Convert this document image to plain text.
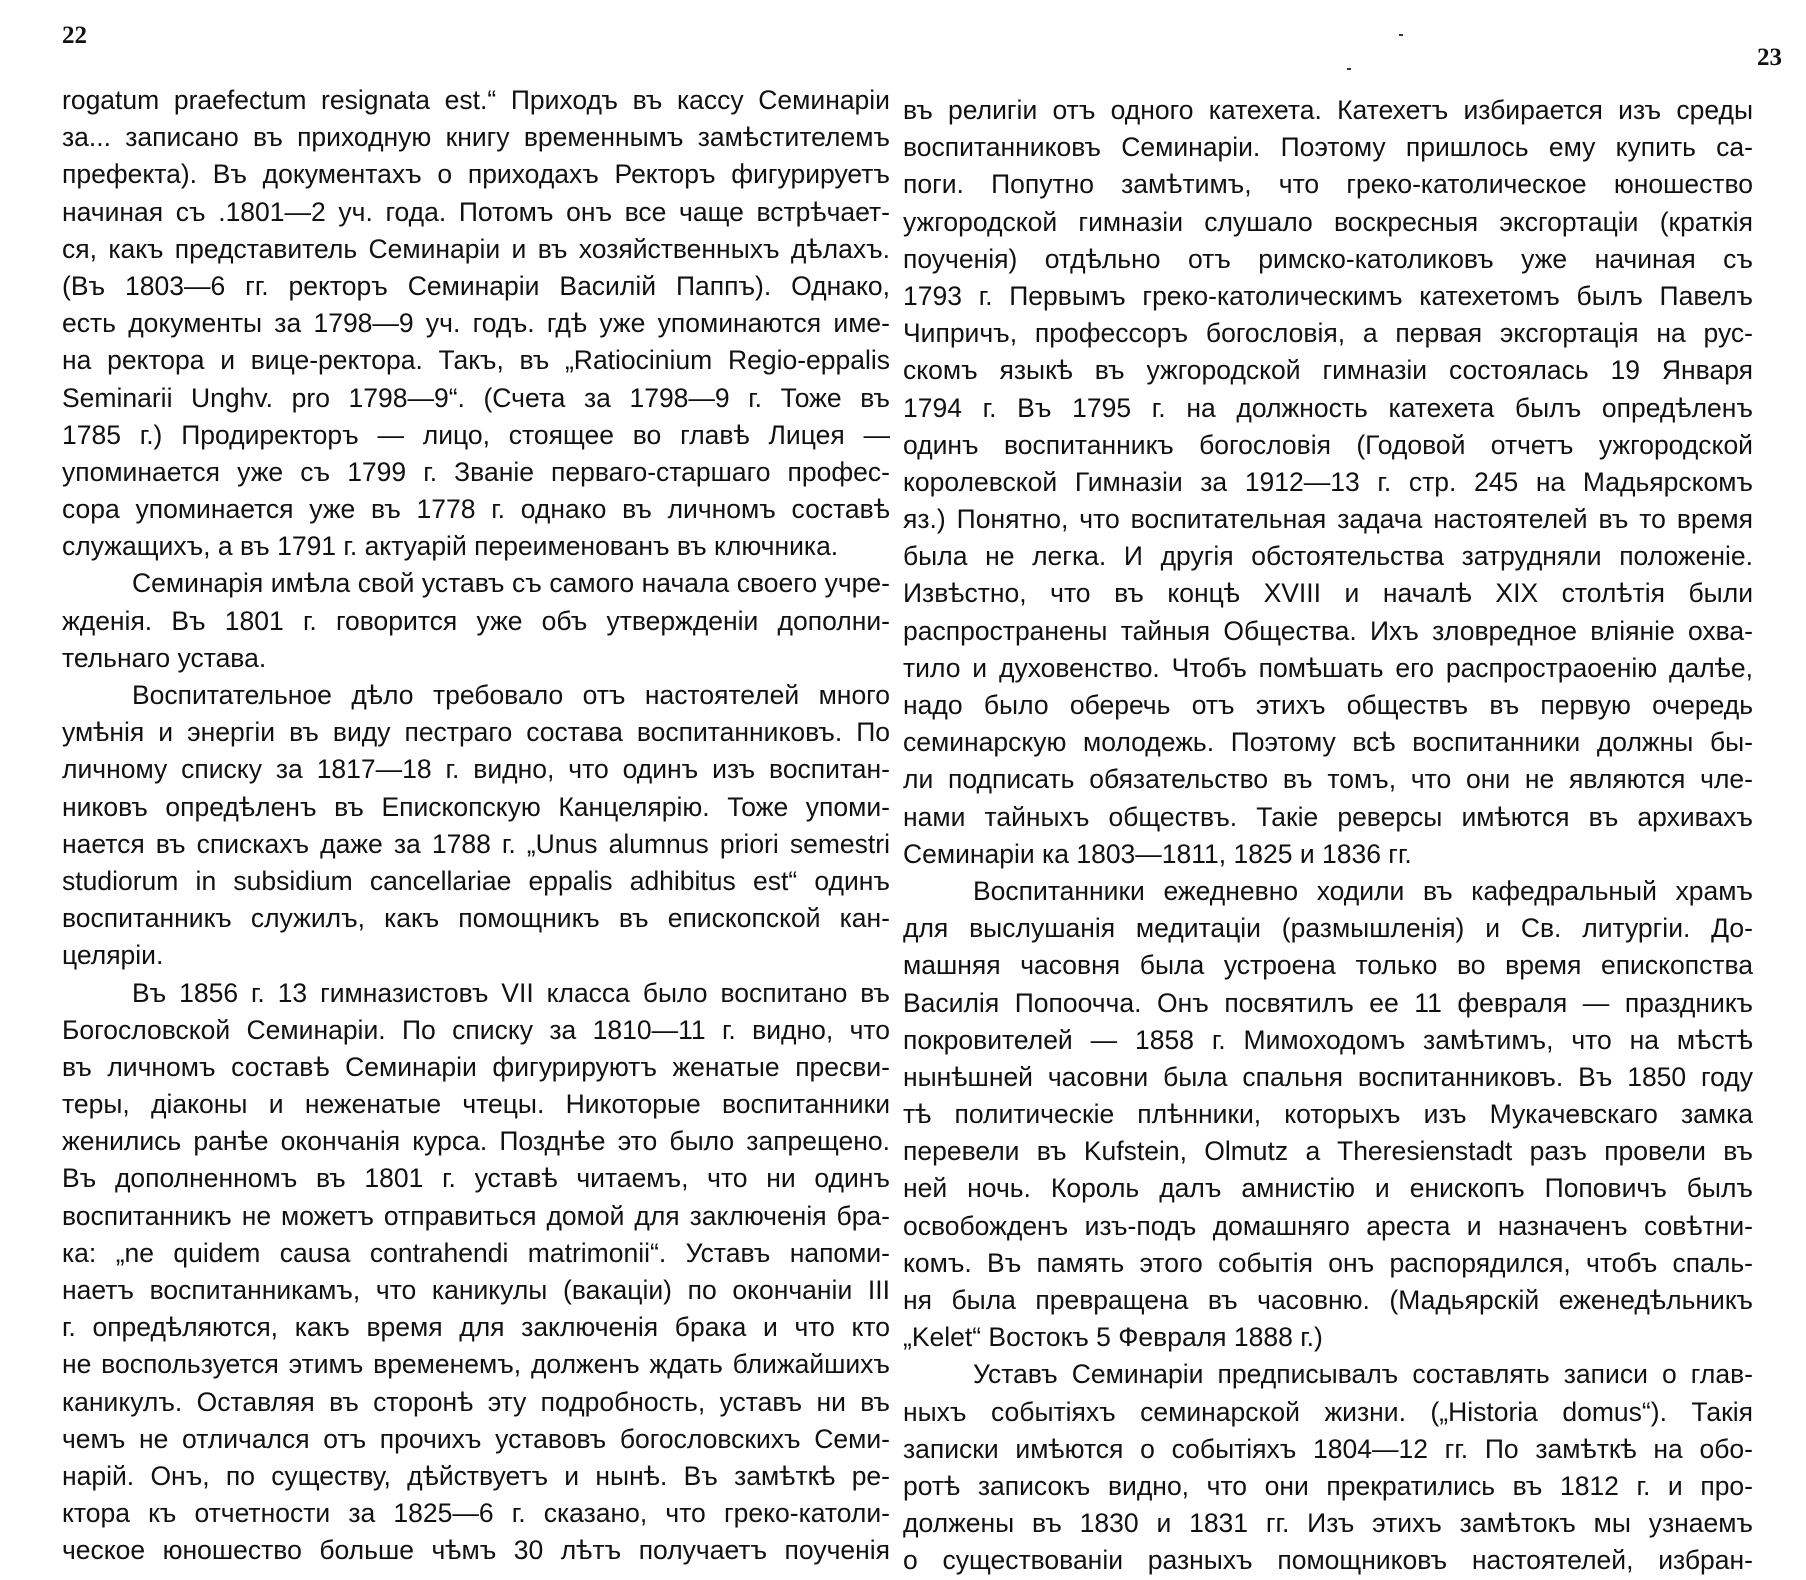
22
rogatum praefectum resignata est.“ Приходъ въ кассу Семинаріи
за... записано въ приходную книгу временнымъ замѣстителемъ
префекта). Въ документахъ о приходахъ Ректоръ фигурируетъ
начиная съ .1801—2 уч. года. Потомъ онъ все чаще встрѣчает-
ся, какъ представитель Семинаріи и въ хозяйственныхъ дѣлахъ.
(Въ 1803—6 гг. ректоръ Семинаріи Василій Паппъ). Однако,
есть документы за 1798—9 уч. годъ. гдѣ уже упоминаются име-
на ректора и вице-ректора. Такъ, въ „Ratiocinium Regio-eppalis
Seminarii Unghv. pro 1798—9“. (Счета за 1798—9 г. Тоже въ
1785 г.) Продиректоръ — лицо, стоящее во главѣ Лицея —
упоминается уже съ 1799 г. Званіе перваго-старшаго профес-
сора упоминается уже въ 1778 г. однако въ личномъ составѣ
служащихъ, а въ 1791 г. актуарій переименованъ въ ключника.
Семинарія имѣла свой уставъ съ самого начала своего учре-
жденія. Въ 1801 г. говорится уже объ утвержденіи дополни-
тельнаго устава.
Воспитательное дѣло требовало отъ настоятелей много
умѣнія и энергіи въ виду пестраго состава воспитанниковъ. По
личному списку за 1817—18 г. видно, что одинъ изъ воспитан-
никовъ опредѣленъ въ Епископскую Канцелярію. Тоже упоми-
нается въ спискахъ даже за 1788 г. „Unus alumnus priori semestri
studiorum in subsidium cancellariae eppalis adhibitus est“ одинъ
воспитанникъ служилъ, какъ помощникъ въ епископской кан-
целяріи.
Въ 1856 г. 13 гимназистовъ VII класса было воспитано въ
Богословской Семинаріи. По списку за 1810—11 г. видно, что
въ личномъ составѣ Семинаріи фигурируютъ женатые пресви-
теры, діаконы и неженатые чтецы. Никоторые воспитанники
женились ранѣе окончанія курса. Позднѣе это было запрещено.
Въ дополненномъ въ 1801 г. уставѣ читаемъ, что ни одинъ
воспитанникъ не можетъ отправиться домой для заключенія бра-
ка: „ne quidem causa contrahendi matrimonii“. Уставъ напоми-
наетъ воспитанникамъ, что каникулы (вакаціи) по окончаніи III
г. опредѣляются, какъ время для заключенія брака и что кто
не воспользуется этимъ временемъ, долженъ ждать ближайшихъ
каникулъ. Оставляя въ сторонѣ эту подробность, уставъ ни въ
чемъ не отличался отъ прочихъ уставовъ богословскихъ Семи-
нарій. Онъ, по существу, дѣйствуетъ и нынѣ. Въ замѣткѣ ре-
ктора къ отчетности за 1825—6 г. сказано, что греко-католи-
ческое юношество больше чѣмъ 30 лѣтъ получаетъ поученія
23
въ религіи отъ одного катехета. Катехетъ избирается изъ среды
воспитанниковъ Семинаріи. Поэтому пришлось ему купить са-
поги. Попутно замѣтимъ, что греко-католическое юношество
ужгородской гимназіи слушало воскресныя эксгортаціи (краткія
поученія) отдѣльно отъ римско-католиковъ уже начиная съ
1793 г. Первымъ греко-католическимъ катехетомъ былъ Павелъ
Чипричъ, профессоръ богословія, а первая эксгортація на рус-
скомъ языкѣ въ ужгородской гимназіи состоялась 19 Января
1794 г. Въ 1795 г. на должность катехета былъ опредѣленъ
одинъ воспитанникъ богословія (Годовой отчетъ ужгородской
королевской Гимназіи за 1912—13 г. стр. 245 на Мадьярскомъ
яз.) Понятно, что воспитательная задача настоятелей въ то время
была не легка. И другія обстоятельства затрудняли положеніе.
Извѣстно, что въ концѣ XVIII и началѣ XIX столѣтія были
распространены тайныя Общества. Ихъ зловредное вліяніе охва-
тило и духовенство. Чтобъ помѣшать его распростраоенію далѣе,
надо было оберечь отъ этихъ обществъ въ первую очередь
семинарскую молодежь. Поэтому всѣ воспитанники должны бы-
ли подписать обязательство въ томъ, что они не являются чле-
нами тайныхъ обществъ. Такіе реверсы имѣются въ архивахъ
Семинаріи ка 1803—1811, 1825 и 1836 гг.
Воспитанники ежедневно ходили въ кафедральный храмъ
для выслушанія медитаціи (размышленія) и Св. литургіи. До-
машняя часовня была устроена только во время епископства
Василія Попоочча. Онъ посвятилъ ее 11 февраля — праздникъ
покровителей — 1858 г. Мимоходомъ замѣтимъ, что на мѣстѣ
нынѣшней часовни была спальня воспитанниковъ. Въ 1850 году
тѣ политическіе плѣнники, которыхъ изъ Мукачевскаго замка
перевели въ Kufstein, Olmutz a Theresienstadt разъ провели въ
ней ночь. Король далъ амнистію и енископъ Поповичъ былъ
освобожденъ изъ-подъ домашняго ареста и назначенъ совѣтни-
комъ. Въ память этого событія онъ распорядился, чтобъ спаль-
ня была превращена въ часовню. (Мадьярскій еженедѣльникъ
„Kelet“ Востокъ 5 Февраля 1888 г.)
Уставъ Семинаріи предписывалъ составлять записи о глав-
ныхъ событіяхъ семинарской жизни. („Historia domus“). Такія
записки имѣются о событіяхъ 1804—12 гг. По замѣткѣ на обо-
ротѣ записокъ видно, что они прекратились въ 1812 г. и про-
должены въ 1830 и 1831 гг. Изъ этихъ замѣтокъ мы узнаемъ
о существованіи разныхъ помощниковъ настоятелей, избран-
